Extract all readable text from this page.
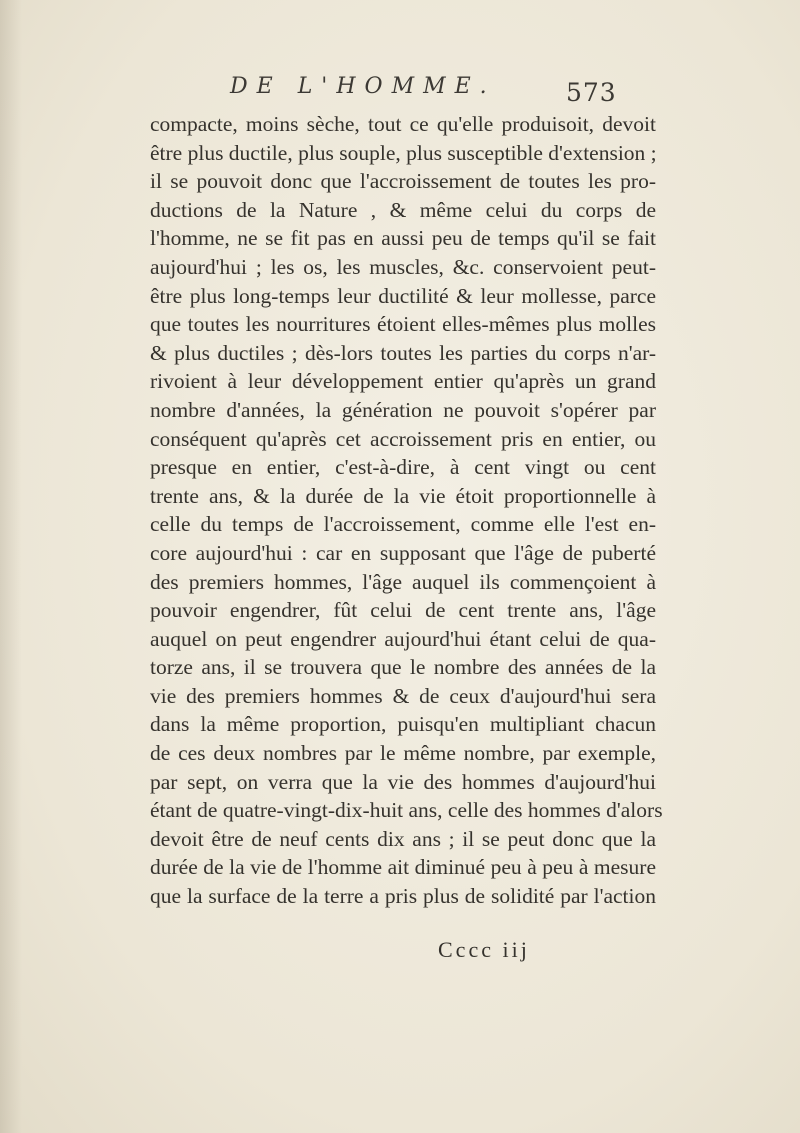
DE L'HOMME.	573
compacte, moins sèche, tout ce qu'elle produisoit, devoit
être plus ductile, plus souple, plus susceptible d'extension ;
il se pouvoit donc que l'accroissement de toutes les pro-
ductions de la Nature , & même celui du corps de
l'homme, ne se fit pas en aussi peu de temps qu'il se fait
aujourd'hui ; les os, les muscles, &c. conservoient peut-
être plus long-temps leur ductilité & leur mollesse, parce
que toutes les nourritures étoient elles-mêmes plus molles
& plus ductiles ; dès-lors toutes les parties du corps n'ar-
rivoient à leur développement entier qu'après un grand
nombre d'années, la génération ne pouvoit s'opérer par
conséquent qu'après cet accroissement pris en entier, ou
presque en entier, c'est-à-dire, à cent vingt ou cent
trente ans, & la durée de la vie étoit proportionnelle à
celle du temps de l'accroissement, comme elle l'est en-
core aujourd'hui : car en supposant que l'âge de puberté
des premiers hommes, l'âge auquel ils commençoient à
pouvoir engendrer, fût celui de cent trente ans, l'âge
auquel on peut engendrer aujourd'hui étant celui de qua-
torze ans, il se trouvera que le nombre des années de la
vie des premiers hommes & de ceux d'aujourd'hui sera
dans la même proportion, puisqu'en multipliant chacun
de ces deux nombres par le même nombre, par exemple,
par sept, on verra que la vie des hommes d'aujourd'hui
étant de quatre-vingt-dix-huit ans, celle des hommes d'alors
devoit être de neuf cents dix ans ; il se peut donc que la
durée de la vie de l'homme ait diminué peu à peu à mesure
que la surface de la terre a pris plus de solidité par l'action
Cccc iij
